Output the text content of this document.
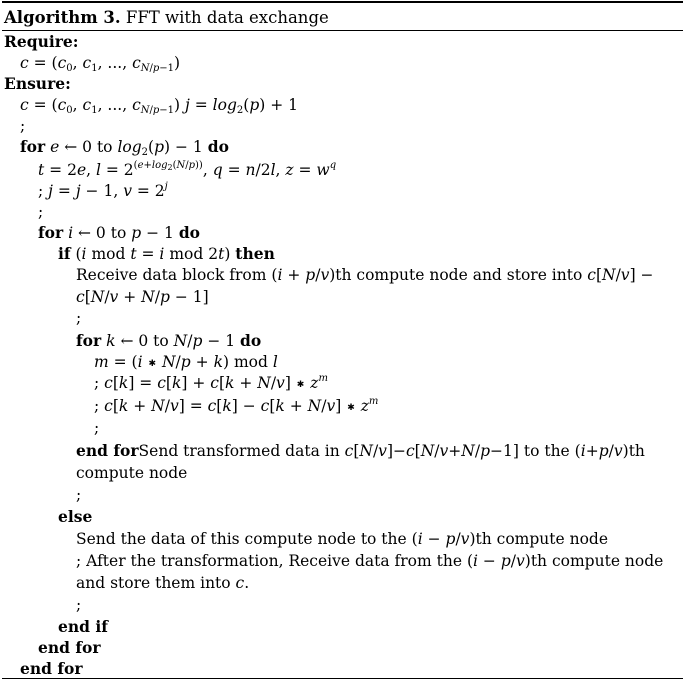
Algorithm 3. FFT with data exchange
Require:
$c = (c_0$, $c_1$, ..., $c_{N/p-1}$)
Ensure:
$c = (c_0$, $c_1$, ..., $c_{N/p-1}$) $j = \log_2(p) + 1$
;
for e ← 0 to $\log_2(p) - 1$ do
t = 2e, $l = 2^{(e+log_2(N/p))}$, q = n/2l, $z = w^q$
; j = j − 1, $v = 2^j$
;
for i ← 0 to p − 1 do
if (i mod t = i mod 2t) then
Receive data block from (i + p/v)th compute node and store into c[N/v] −
c[N/v + N/p − 1]
;
for k ← 0 to N/p − 1 do
m = (i ✱ N/p + k) mod l
; c[k] = c[k] + c[k + N/v] ✱ $z^m$
; c[k + N/v] = c[k] − c[k + N/v] ✱ $z^m$
;
end forSend transformed data in c[N/v]−c[N/v+N/p−1] to the (i+p/v)th
compute node
;
else
Send the data of this compute node to the (i − p/v)th compute node
; After the transformation, Receive data from the (i − p/v)th compute node
and store them into c.
;
end if
end for
end for
